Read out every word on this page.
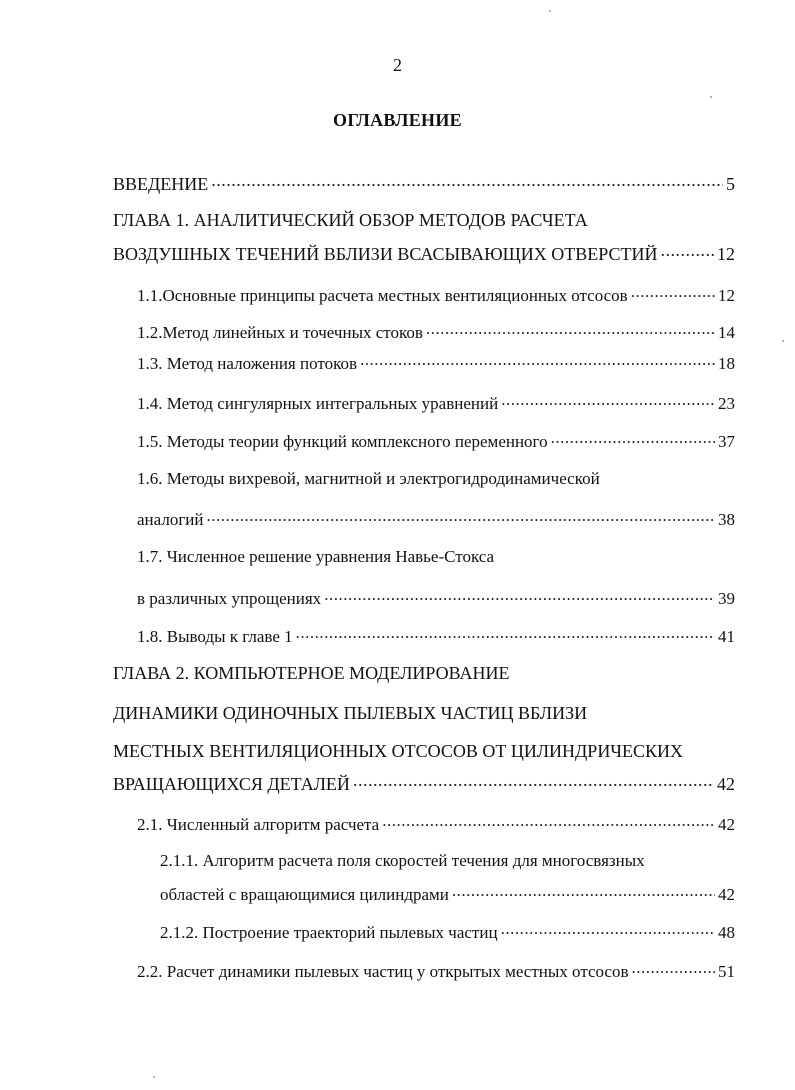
2
ОГЛАВЛЕНИЕ
ВВЕДЕНИЕ .....	5
ГЛАВА 1. АНАЛИТИЧЕСКИЙ ОБЗОР МЕТОДОВ РАСЧЕТА
ВОЗДУШНЫХ ТЕЧЕНИЙ ВБЛИЗИ ВСАСЫВАЮЩИХ ОТВЕРСТИЙ .....	12
1.1.Основные принципы расчета местных вентиляционных отсосов .....	12
1.2.Метод линейных и точечных стоков .....	14
1.3. Метод наложения потоков .....	18
1.4. Метод сингулярных интегральных уравнений .....	23
1.5. Методы теории функций комплексного переменного .....	37
1.6. Методы вихревой, магнитной и электрогидродинамической
аналогий .....	38
1.7. Численное решение уравнения Навье-Стокса
в различных упрощениях .....	39
1.8. Выводы к главе 1 .....	41
ГЛАВА 2. КОМПЬЮТЕРНОЕ МОДЕЛИРОВАНИЕ
ДИНАМИКИ ОДИНОЧНЫХ ПЫЛЕВЫХ ЧАСТИЦ ВБЛИЗИ
МЕСТНЫХ ВЕНТИЛЯЦИОННЫХ ОТСОСОВ ОТ ЦИЛИНДРИЧЕСКИХ
ВРАЩАЮЩИХСЯ ДЕТАЛЕЙ .....	42
2.1. Численный алгоритм расчета .....	42
2.1.1. Алгоритм расчета поля скоростей течения для многосвязных
областей с вращающимися цилиндрами .....	42
2.1.2. Построение траекторий пылевых частиц .....	48
2.2. Расчет динамики пылевых частиц у открытых местных отсосов .....	51
